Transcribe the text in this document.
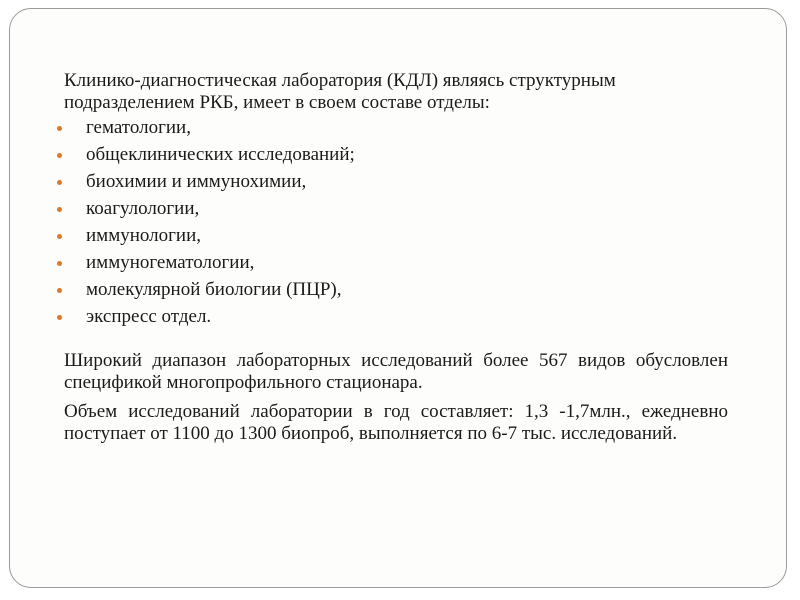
Клинико-диагностическая лаборатория (КДЛ) являясь структурным подразделением РКБ, имеет в своем составе отделы:

гематологии,
общеклинических исследований;
биохимии и иммунохимии,
коагулологии,
иммунологии,
иммуногематологии,
молекулярной биологии (ПЦР),
экспресс отдел.

Широкий диапазон лабораторных исследований более 567 видов обусловлен спецификой многопрофильного стационара.

Объем исследований лаборатории в год составляет: 1,3 -1,7млн., ежедневно поступает от 1100 до 1300 биопроб, выполняется по 6-7 тыс. исследований.
